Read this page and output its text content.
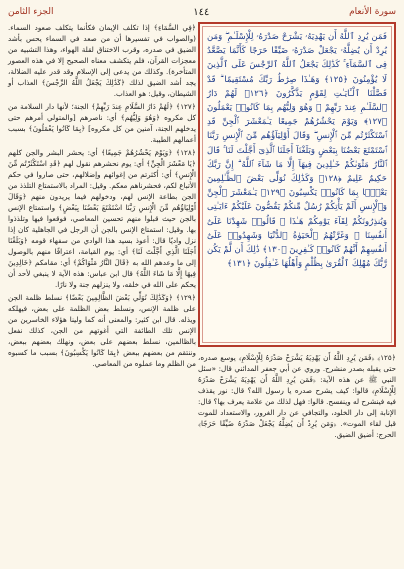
سورة الأنعام
١٤٤
الجزء الثامن
فَمَن يُرِدِ ٱللَّهُ أَن يَهْدِيَهُۥ يَشْرَحْ صَدْرَهُۥ لِلْإِسْلَـٰمِ ۖ وَمَن يُرِدْ أَن يُضِلَّهُۥ يَجْعَلْ صَدْرَهُۥ ضَيِّقًا حَرَجًا كَأَنَّمَا يَصَّعَّدُ فِى ٱلسَّمَآءِ ۚ كَذَٰلِكَ يَجْعَلُ ٱللَّهُ ٱلرِّجْسَ عَلَى ٱلَّذِينَ لَا يُؤْمِنُونَ ﴿١٢٥﴾ وَهَـٰذَا صِرَٰطُ رَبِّكَ مُسْتَقِيمًا ۗ قَدْ فَصَّلْنَا ٱلْـَٔايَـٰتِ لِقَوْمٍ يَذَّكَّرُونَ ﴿١٢٦﴾ لَهُمْ دَارُ ٱلسَّلَـٰمِ عِندَ رَبِّهِمْ ۖ وَهُوَ وَلِيُّهُم بِمَا كَانُوا۟ يَعْمَلُونَ ﴿١٢٧﴾ وَيَوْمَ يَحْشُرُهُمْ جَمِيعًا يَـٰمَعْشَرَ ٱلْجِنِّ قَدِ ٱسْتَكْثَرْتُم مِّنَ ٱلْإِنسِ ۖ وَقَالَ أَوْلِيَآؤُهُم مِّنَ ٱلْإِنسِ رَبَّنَا ٱسْتَمْتَعَ بَعْضُنَا بِبَعْضٍ وَبَلَغْنَآ أَجَلَنَا ٱلَّذِىٓ أَجَّلْتَ لَنَا ۚ قَالَ ٱلنَّارُ مَثْوَىٰكُمْ خَـٰلِدِينَ فِيهَآ إِلَّا مَا شَآءَ ٱللَّهُ ۗ إِنَّ رَبَّكَ حَكِيمٌ عَلِيمٌ ﴿١٢٨﴾ وَكَذَٰلِكَ نُوَلِّى بَعْضَ ٱلظَّـٰلِمِينَ بَعْضًۢا بِمَا كَانُوا۟ يَكْسِبُونَ ﴿١٢٩﴾ يَـٰمَعْشَرَ ٱلْجِنِّ وَٱلْإِنسِ أَلَمْ يَأْتِكُمْ رُسُلٌ مِّنكُمْ يَقُصُّونَ عَلَيْكُمْ ءَايَـٰتِى وَيُنذِرُونَكُمْ لِقَآءَ يَوْمِكُمْ هَـٰذَا ۚ قَالُوا۟ شَهِدْنَا عَلَىٰٓ أَنفُسِنَا ۖ وَغَرَّتْهُمُ ٱلْحَيَوٰةُ ٱلدُّنْيَا وَشَهِدُوا۟ عَلَىٰٓ أَنفُسِهِمْ أَنَّهُمْ كَانُوا۟ كَـٰفِرِينَ ﴿١٣٠﴾ ذَٰلِكَ أَن لَّمْ يَكُن رَّبُّكَ مُهْلِكَ ٱلْقُرَىٰ بِظُلْمٍ وَأَهْلُهَا غَـٰفِلُونَ ﴿١٣١﴾

﴿فِي السَّمَاءِ﴾ إذا تكلف الإيمان فكأنما يتكلف صعود السماء. (والصواب في تفسيرها أن من صعد في السماء يحس بأشد الضيق في صدره، وقرب الاختناق لقلة الهواء، وهذا التشبيه من معجزات القرآن، فلم يتكشف معناه الصحيح إلا في هذه العصور المتأخرة). وكذلك من يدعى إلى الإسلام وقد قدر عليه الضلالة، يجد أشد الضيق لذلك ﴿كَذَٰلِكَ يَجْعَلُ اللَّهُ الرِّجْسَ﴾ العذاب أو الشيطان، وقيل: هو العذاب.

﴿١٢٧﴾ ﴿لَهُمْ دَارُ السَّلَامِ عِندَ رَبِّهِمْ﴾ الجنة؛ لأنها دار السلامة من كل مكروه ﴿وَهُوَ وَلِيُّهُم﴾ أي: ناصرهم [والمتولي أمرهم حتى يدخلهم الجنة، آمنين من كل مكروه] ﴿بِمَا كَانُوا يَعْمَلُونَ﴾ بسبب أعمالهم الطيبة.

﴿١٢٨﴾ ﴿وَيَوْمَ يَحْشُرُهُمْ جَمِيعًا﴾ أي: يحشر البشر والجن كلهم ﴿يَا مَعْشَرَ الْجِنِّ﴾ أي: يوم نحشرهم نقول لهم ﴿قَدِ اسْتَكْثَرْتُم مِّنَ الْإِنسِ﴾ أي: أكثرتم من إغوائهم وإضلالهم، حتى صاروا في حكم الأتباع لكم، فحشرناهم معكم. وقيل: المراد بالاستمتاع التلذذ من الجن بطاعة الإنس لهم، ودخولهم فيما يريدون منهم ﴿وَقَالَ أَوْلِيَاؤُهُم مِّنَ الْإِنسِ رَبَّنَا اسْتَمْتَعَ بَعْضُنَا بِبَعْضٍ﴾ واستمتاع الإنس بالجن حيث قبلوا منهم تحسين المعاصي، فوقعوا فيها وتلذذوا بها. وقيل: استمتاع الإنس بالجن أن الرجل في الجاهلية كان إذا نزل واديًا قال: أعوذ بسيد هذا الوادي من سفهاء قومه ﴿وَبَلَغْنَا أَجَلَنَا الَّذِي أَجَّلْتَ لَنَا﴾ أي: يوم القيامة، اعترافًا منهم بالوصول إلى ما وعدهم الله به ﴿قَالَ النَّارُ مَثْوَاكُمْ﴾ أي: مقامكم ﴿خَالِدِينَ فِيهَا إِلَّا مَا شَاءَ اللَّهُ﴾ قال ابن عباس: هذه الآية لا ينبغي لأحد أن يحكم على الله في خلقه، ولا ينزلهم جنة ولا نارًا.

﴿١٢٩﴾ ﴿وَكَذَٰلِكَ نُوَلِّي بَعْضَ الظَّالِمِينَ بَعْضًا﴾ نسلط ظلمة الجن على ظلمة الإنس، ونسلط بعض الظلمة على بعض، فيهلكه ويذله. قال ابن كثير: والمعنى أنه كما ولينا هؤلاء الخاسرين من الإنس تلك الطائفة التي أغوتهم من الجن، كذلك نفعل بالظالمين، نسلط بعضهم على بعض، ونهلك بعضهم ببعض، وننتقم من بعضهم ببعض ﴿بِمَا كَانُوا يَكْسِبُونَ﴾ بسبب ما كسبوه من الظلم وما عملوه من المعاصي.

﴿١٢٥﴾ ﴿فَمَن يُرِدِ اللَّهُ أَن يَهْدِيَهُ يَشْرَحْ صَدْرَهُ لِلْإِسْلَامِ﴾ يوسع صدره، حتى يقبله بصدر منشرح. وروي عن أبي جعفر المدائني قال: «سئل النبي ﷺ عن هذه الآية: ﴿فَمَن يُرِدِ اللَّهُ أَن يَهْدِيَهُ يَشْرَحْ صَدْرَهُ لِلْإِسْلَامِ﴾ قالوا: كيف يشرح صدره يا رسول الله؟ قال: نور يقذف فيه فينشرح له وينفسح. قالوا: فهل لذلك من علامة يعرف بها؟ قال: الإنابة إلى دار الخلود، والتجافي عن دار الغرور، والاستعداد للموت قبل لقاء الموت». ﴿وَمَن يُرِدْ أَن يُضِلَّهُ يَجْعَلْ صَدْرَهُ ضَيِّقًا حَرَجًا﴾ الحرج: أضيق الضيق.
